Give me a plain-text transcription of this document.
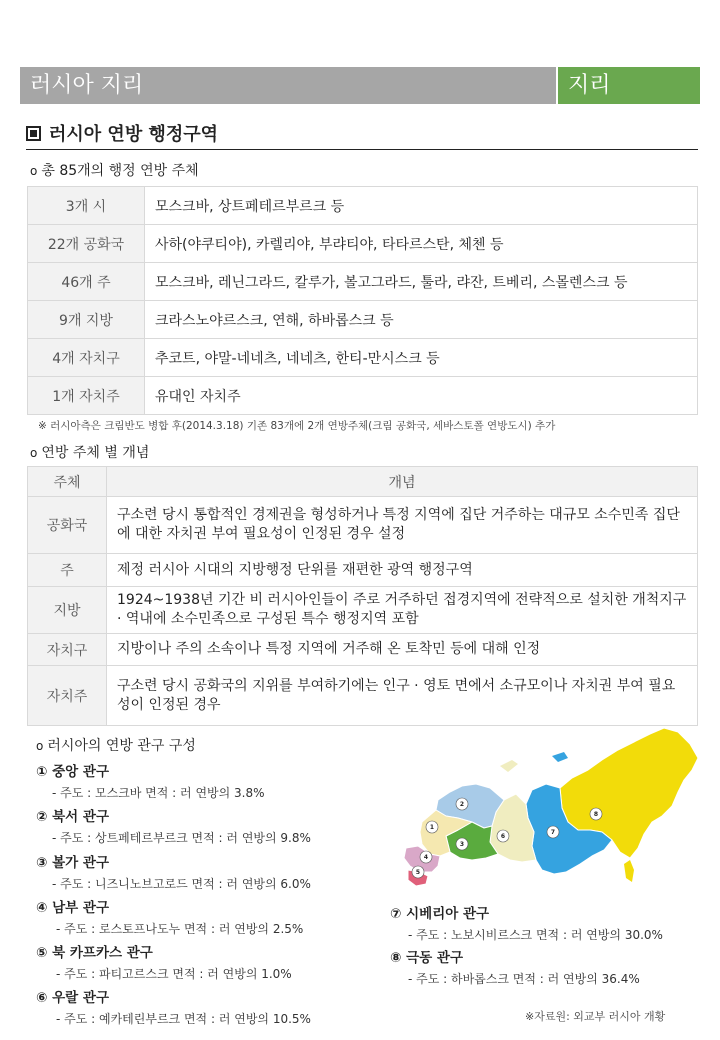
러시아 지리	지리
러시아 연방 행정구역
o 총 85개의 행정 연방 주체
3개 시	모스크바, 상트페테르부르크 등
22개 공화국	사하(야쿠티야), 카렐리야, 부랴티야, 타타르스탄, 체첸 등
46개 주	모스크바, 레닌그라드, 칼루가, 볼고그라드, 툴라, 랴잔, 트베리, 스몰렌스크 등
9개 지방	크라스노야르스크, 연해, 하바롭스크 등
4개 자치구	추코트, 야말-네네츠, 네네츠, 한티-만시스크 등
1개 자치주	유대인 자치주
※ 러시아측은 크림반도 병합 후(2014.3.18) 기존 83개에 2개 연방주체(크림 공화국, 세바스토폴 연방도시) 추가
o 연방 주체 별 개념
주체	개념
공화국	구소련 당시 통합적인 경제권을 형성하거나 특정 지역에 집단 거주하는 대규모 소수민족 집단에 대한 자치권 부여 필요성이 인정된 경우 설정
주	제정 러시아 시대의 지방행정 단위를 재편한 광역 행정구역
지방	1924~1938년 기간 비 러시아인들이 주로 거주하던 접경지역에 전략적으로 설치한 개척지구 · 역내에 소수민족으로 구성된 특수 행정지역 포함
자치구	지방이나 주의 소속이나 특정 지역에 거주해 온 토착민 등에 대해 인정
자치주	구소련 당시 공화국의 지위를 부여하기에는 인구 · 영토 면에서 소규모이나 자치권 부여 필요성이 인정된 경우
o 러시아의 연방 관구 구성
① 중앙 관구
- 주도 : 모스크바 면적 : 러 연방의 3.8%
② 북서 관구
- 주도 : 상트페테르부르크 면적 : 러 연방의 9.8%
③ 볼가 관구
- 주도 : 니즈니노브고로드 면적 : 러 연방의 6.0%
④ 남부 관구
- 주도 : 로스토프나도누 면적 : 러 연방의 2.5%
⑤ 북 카프카스 관구
- 주도 : 파티고르스크 면적 : 러 연방의 1.0%
⑥ 우랄 관구
- 주도 : 예카테린부르크 면적 : 러 연방의 10.5%
⑦ 시베리아 관구
- 주도 : 노보시비르스크 면적 : 러 연방의 30.0%
⑧ 극동 관구
- 주도 : 하바롭스크 면적 : 러 연방의 36.4%
1
2
3
4
5
6
7
8
※자료원: 외교부 러시아 개황
